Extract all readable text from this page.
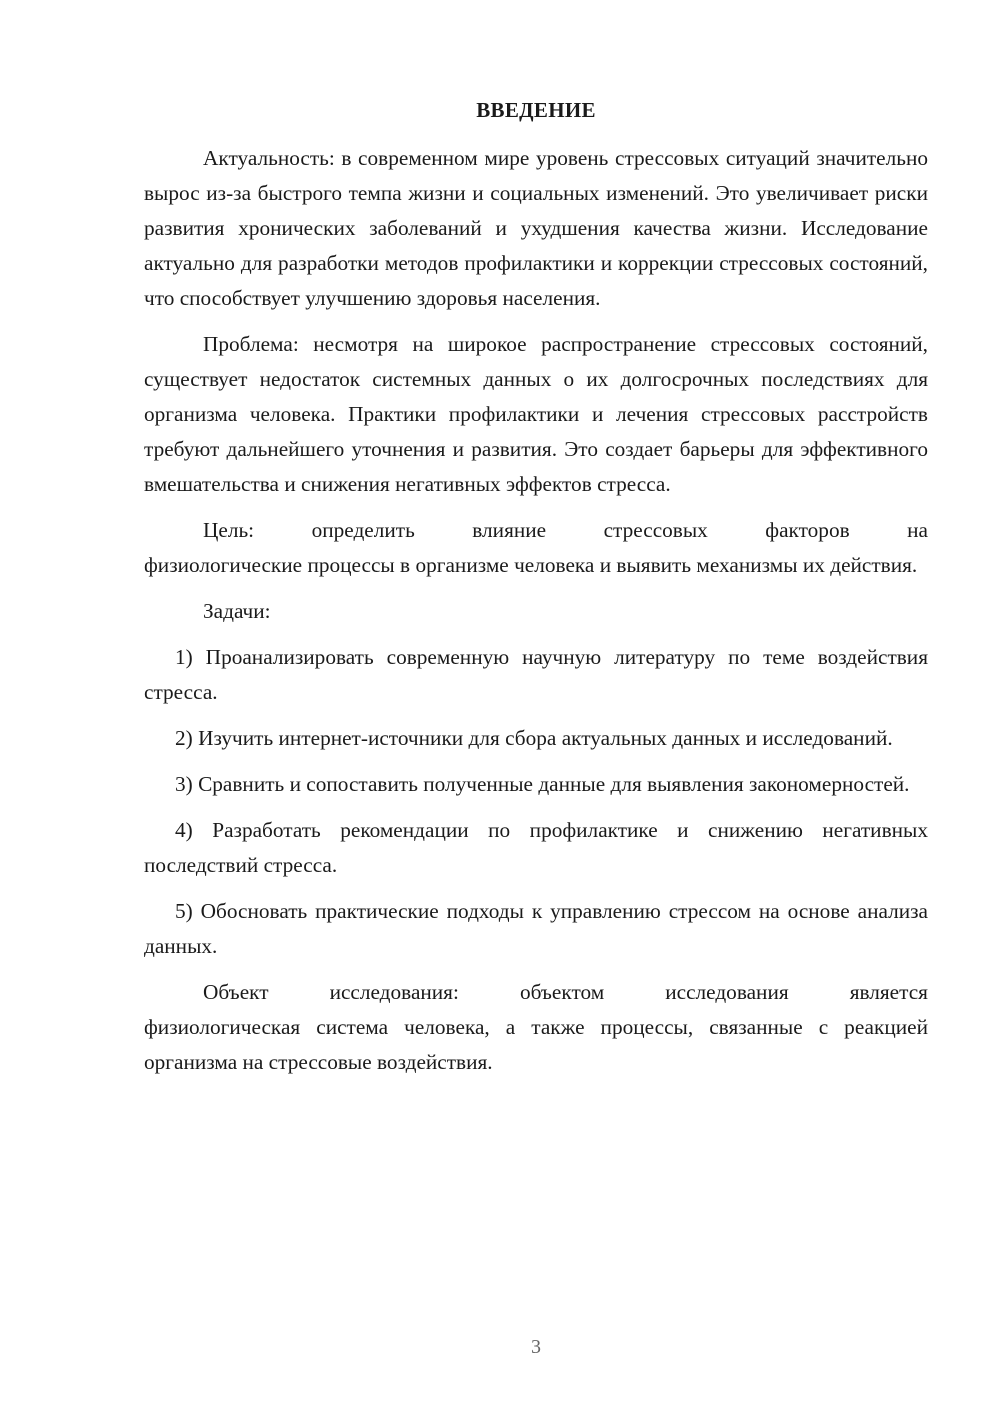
ВВЕДЕНИЕ

Актуальность: в современном мире уровень стрессовых ситуаций значительно вырос из-за быстрого темпа жизни и социальных изменений. Это увеличивает риски развития хронических заболеваний и ухудшения качества жизни. Исследование актуально для разработки методов профилактики и коррекции стрессовых состояний, что способствует улучшению здоровья населения.

Проблема: несмотря на широкое распространение стрессовых состояний, существует недостаток системных данных о их долгосрочных последствиях для организма человека. Практики профилактики и лечения стрессовых расстройств требуют дальнейшего уточнения и развития. Это создает барьеры для эффективного вмешательства и снижения негативных эффектов стресса.

Цель:	определить	влияние	стрессовых	факторов	на
физиологические процессы в организме человека и выявить механизмы их действия.

Задачи:

1) Проанализировать современную научную литературу по теме воздействия стресса.

2) Изучить интернет-источники для сбора актуальных данных и исследований.

3) Сравнить и сопоставить полученные данные для выявления закономерностей.

4) Разработать рекомендации по профилактике и снижению негативных последствий стресса.

5) Обосновать практические подходы к управлению стрессом на основе анализа данных.

Объект	исследования:	объектом	исследования	является
физиологическая система человека, а также процессы, связанные с реакцией организма на стрессовые воздействия.
3
